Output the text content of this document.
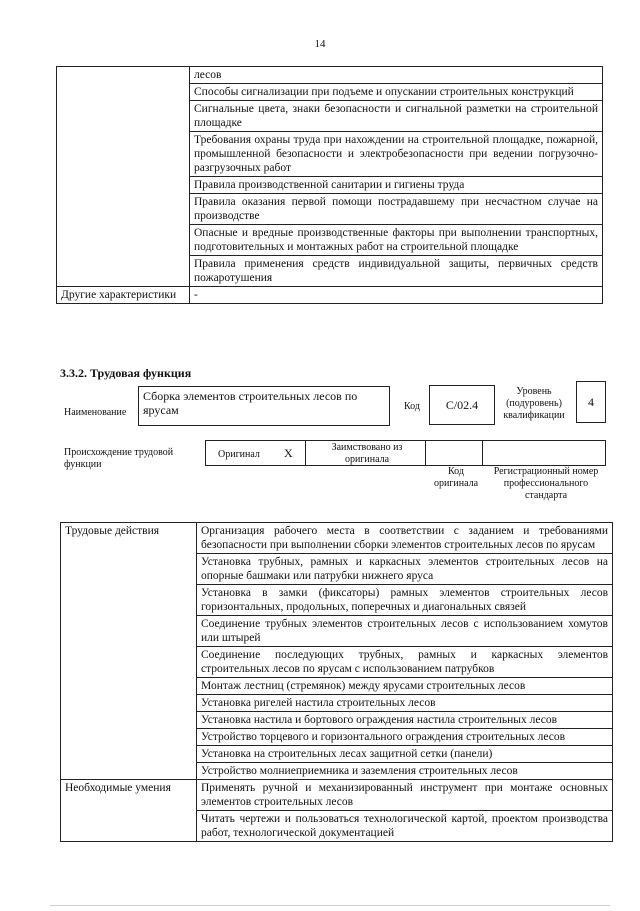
14
	лесов
	Способы сигнализации при подъеме и опускании строительных конструкций
	Сигнальные цвета, знаки безопасности и сигнальной разметки на строительной площадке
	Требования охраны труда при нахождении на строительной площадке, пожарной, промышленной безопасности и электробезопасности при ведении погрузочно-разгрузочных работ
	Правила производственной санитарии и гигиены труда
	Правила оказания первой помощи пострадавшему при несчастном случае на производстве
	Опасные и вредные производственные факторы при выполнении транспортных, подготовительных и монтажных работ на строительной площадке
	Правила применения средств индивидуальной защиты, первичных средств пожаротушения
Другие характеристики	-
3.3.2. Трудовая функция
Наименование
Сборка элементов строительных лесов по ярусам	Код	С/02.4
Уровень (подуровень) квалификации
4
Происхождение трудовой функции
Оригинал X	Заимствовано из оригинала
Код оригинала
Регистрационный номер профессионального стандарта
Трудовые действия	Организация рабочего места в соответствии с заданием и требованиями безопасности при выполнении сборки элементов строительных лесов по ярусам
	Установка трубных, рамных и каркасных элементов строительных лесов на опорные башмаки или патрубки нижнего яруса
	Установка в замки (фиксаторы) рамных элементов строительных лесов горизонтальных, продольных, поперечных и диагональных связей
	Соединение трубных элементов строительных лесов с использованием хомутов или штырей
	Соединение последующих трубных, рамных и каркасных элементов строительных лесов по ярусам с использованием патрубков
	Монтаж лестниц (стремянок) между ярусами строительных лесов
	Установка ригелей настила строительных лесов
	Установка настила и бортового ограждения настила строительных лесов
	Устройство торцевого и горизонтального ограждения строительных лесов
	Установка на строительных лесах защитной сетки (панели)
	Устройство молниеприемника и заземления строительных лесов
Необходимые умения	Применять ручной и механизированный инструмент при монтаже основных элементов строительных лесов
	Читать чертежи и пользоваться технологической картой, проектом производства работ, технологической документацией
